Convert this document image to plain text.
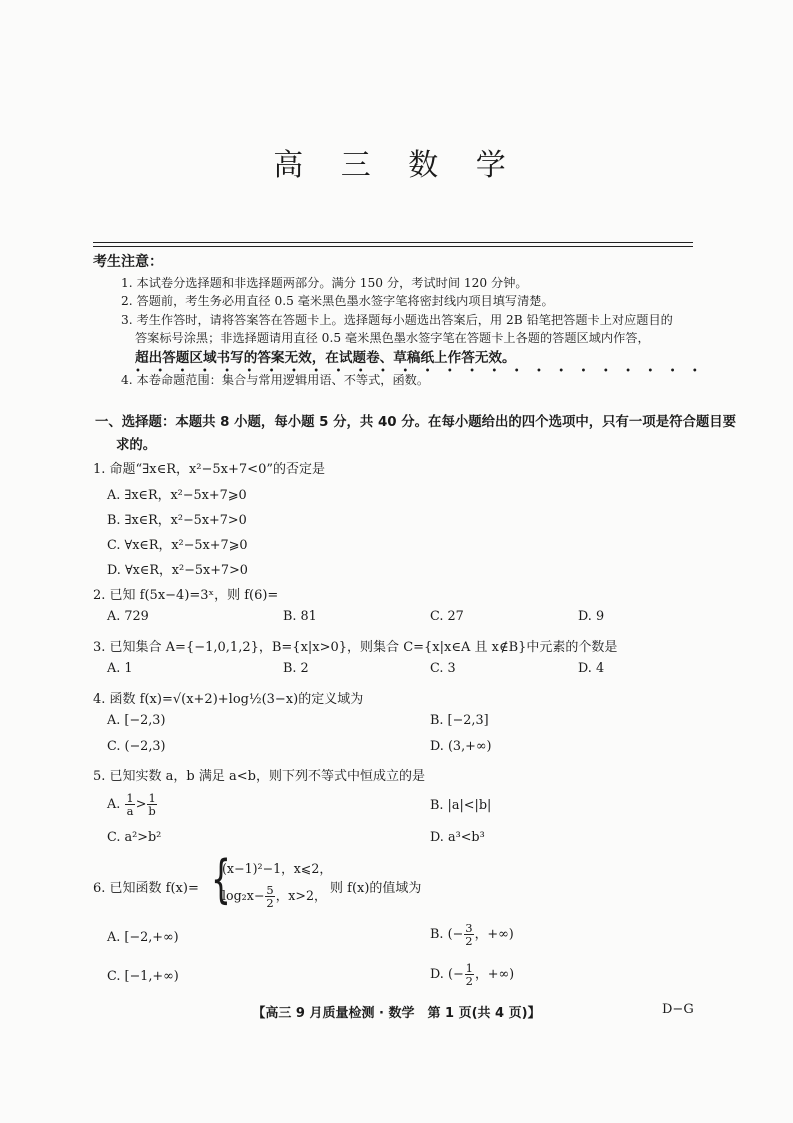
高 三 数 学
考生注意：
1. 本试卷分选择题和非选择题两部分。满分 150 分，考试时间 120 分钟。
2. 答题前，考生务必用直径 0.5 毫米黑色墨水签字笔将密封线内项目填写清楚。
3. 考生作答时，请将答案答在答题卡上。选择题每小题选出答案后，用 2B 铅笔把答题卡上对应题目的
答案标号涂黑；非选择题请用直径 0.5 毫米黑色墨水签字笔在答题卡上各题的答题区域内作答，
超出答题区域书写的答案无效，在试题卷、草稿纸上作答无效。
• • • • • • • • • • • • • • • • • • • • • • • • • •
4. 本卷命题范围：集合与常用逻辑用语、不等式，函数。
一、选择题：本题共 8 小题，每小题 5 分，共 40 分。在每小题给出的四个选项中，只有一项是符合题目要
求的。
1. 命题“∃x∈R，x²−5x+7<0”的否定是
A. ∃x∈R，x²−5x+7⩾0
B. ∃x∈R，x²−5x+7>0
C. ∀x∈R，x²−5x+7⩾0
D. ∀x∈R，x²−5x+7>0
2. 已知 f(5x−4)=3ˣ，则 f(6)=
A. 729	B. 81	C. 27	D. 9
3. 已知集合 A={−1,0,1,2}，B={x|x>0}，则集合 C={x|x∈A 且 x∉B}中元素的个数是
A. 1	B. 2	C. 3	D. 4
4. 函数 f(x)=√(x+2)+log½(3−x)的定义域为
A. [−2,3)	B. [−2,3]
C. (−2,3)	D. (3,+∞)
5. 已知实数 a，b 满足 a<b，则下列不等式中恒成立的是
A. $\frac{1}{a} > \frac{1}{b}$	B. |a|<|b|
C. a²>b²	D. a³<b³
6. 已知函数 f(x)= {
(x−1)²−1，x⩽2，
$\log_2x- \frac{5}{2}$ ，x>2， 则 f(x)的值域为
A. [−2,+∞)	B. (− $\frac{3}{2}$ ，+∞)
C. [−1,+∞)	D. (− $\frac{1}{2}$ ，+∞)
【高三 9 月质量检测 · 数学　第 1 页(共 4 页)】	D−G
